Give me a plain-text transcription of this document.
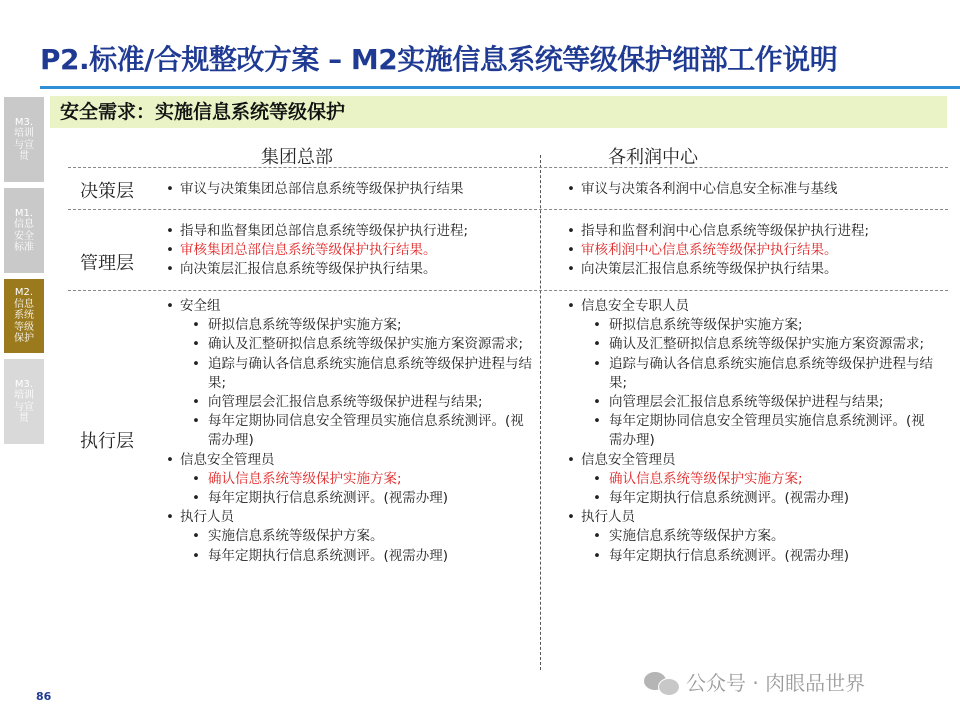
P2.标准/合规整改方案 – M2实施信息系统等级保护细部工作说明
M3.培训与宣贯
M1.信息安全标准
M2.信息系统等级保护
M3.培训与宣贯
安全需求：实施信息系统等级保护
集团总部	各利润中心
决策层
管理层
执行层
• 审议与决策集团总部信息系统等级保护执行结果
•	审议与决策各利润中心信息安全标准与基线
• 指导和监督集团总部信息系统等级保护执行进程;
• 审核集团总部信息系统等级保护执行结果。
• 向决策层汇报信息系统等级保护执行结果。
• 指导和监督利润中心信息系统等级保护执行进程;
• 审核利润中心信息系统等级保护执行结果。
• 向决策层汇报信息系统等级保护执行结果。
• 安全组
• 研拟信息系统等级保护实施方案;
• 确认及汇整研拟信息系统等级保护实施方案资源需求;
• 追踪与确认各信息系统实施信息系统等级保护进程与结果;
• 向管理层会汇报信息系统等级保护进程与结果;
• 每年定期协同信息安全管理员实施信息系统测评。(视需办理)
• 信息安全管理员
• 确认信息系统等级保护实施方案;
• 每年定期执行信息系统测评。(视需办理)
• 执行人员
• 实施信息系统等级保护方案。
• 每年定期执行信息系统测评。(视需办理)
• 信息安全专职人员
• 研拟信息系统等级保护实施方案;
• 确认及汇整研拟信息系统等级保护实施方案资源需求;
• 追踪与确认各信息系统实施信息系统等级保护进程与结果;
• 向管理层会汇报信息系统等级保护进程与结果;
• 每年定期协同信息安全管理员实施信息系统测评。(视需办理)
• 信息安全管理员
• 确认信息系统等级保护实施方案;
• 每年定期执行信息系统测评。(视需办理)
• 执行人员
• 实施信息系统等级保护方案。
• 每年定期执行信息系统测评。(视需办理)
86
公众号 · 肉眼品世界
